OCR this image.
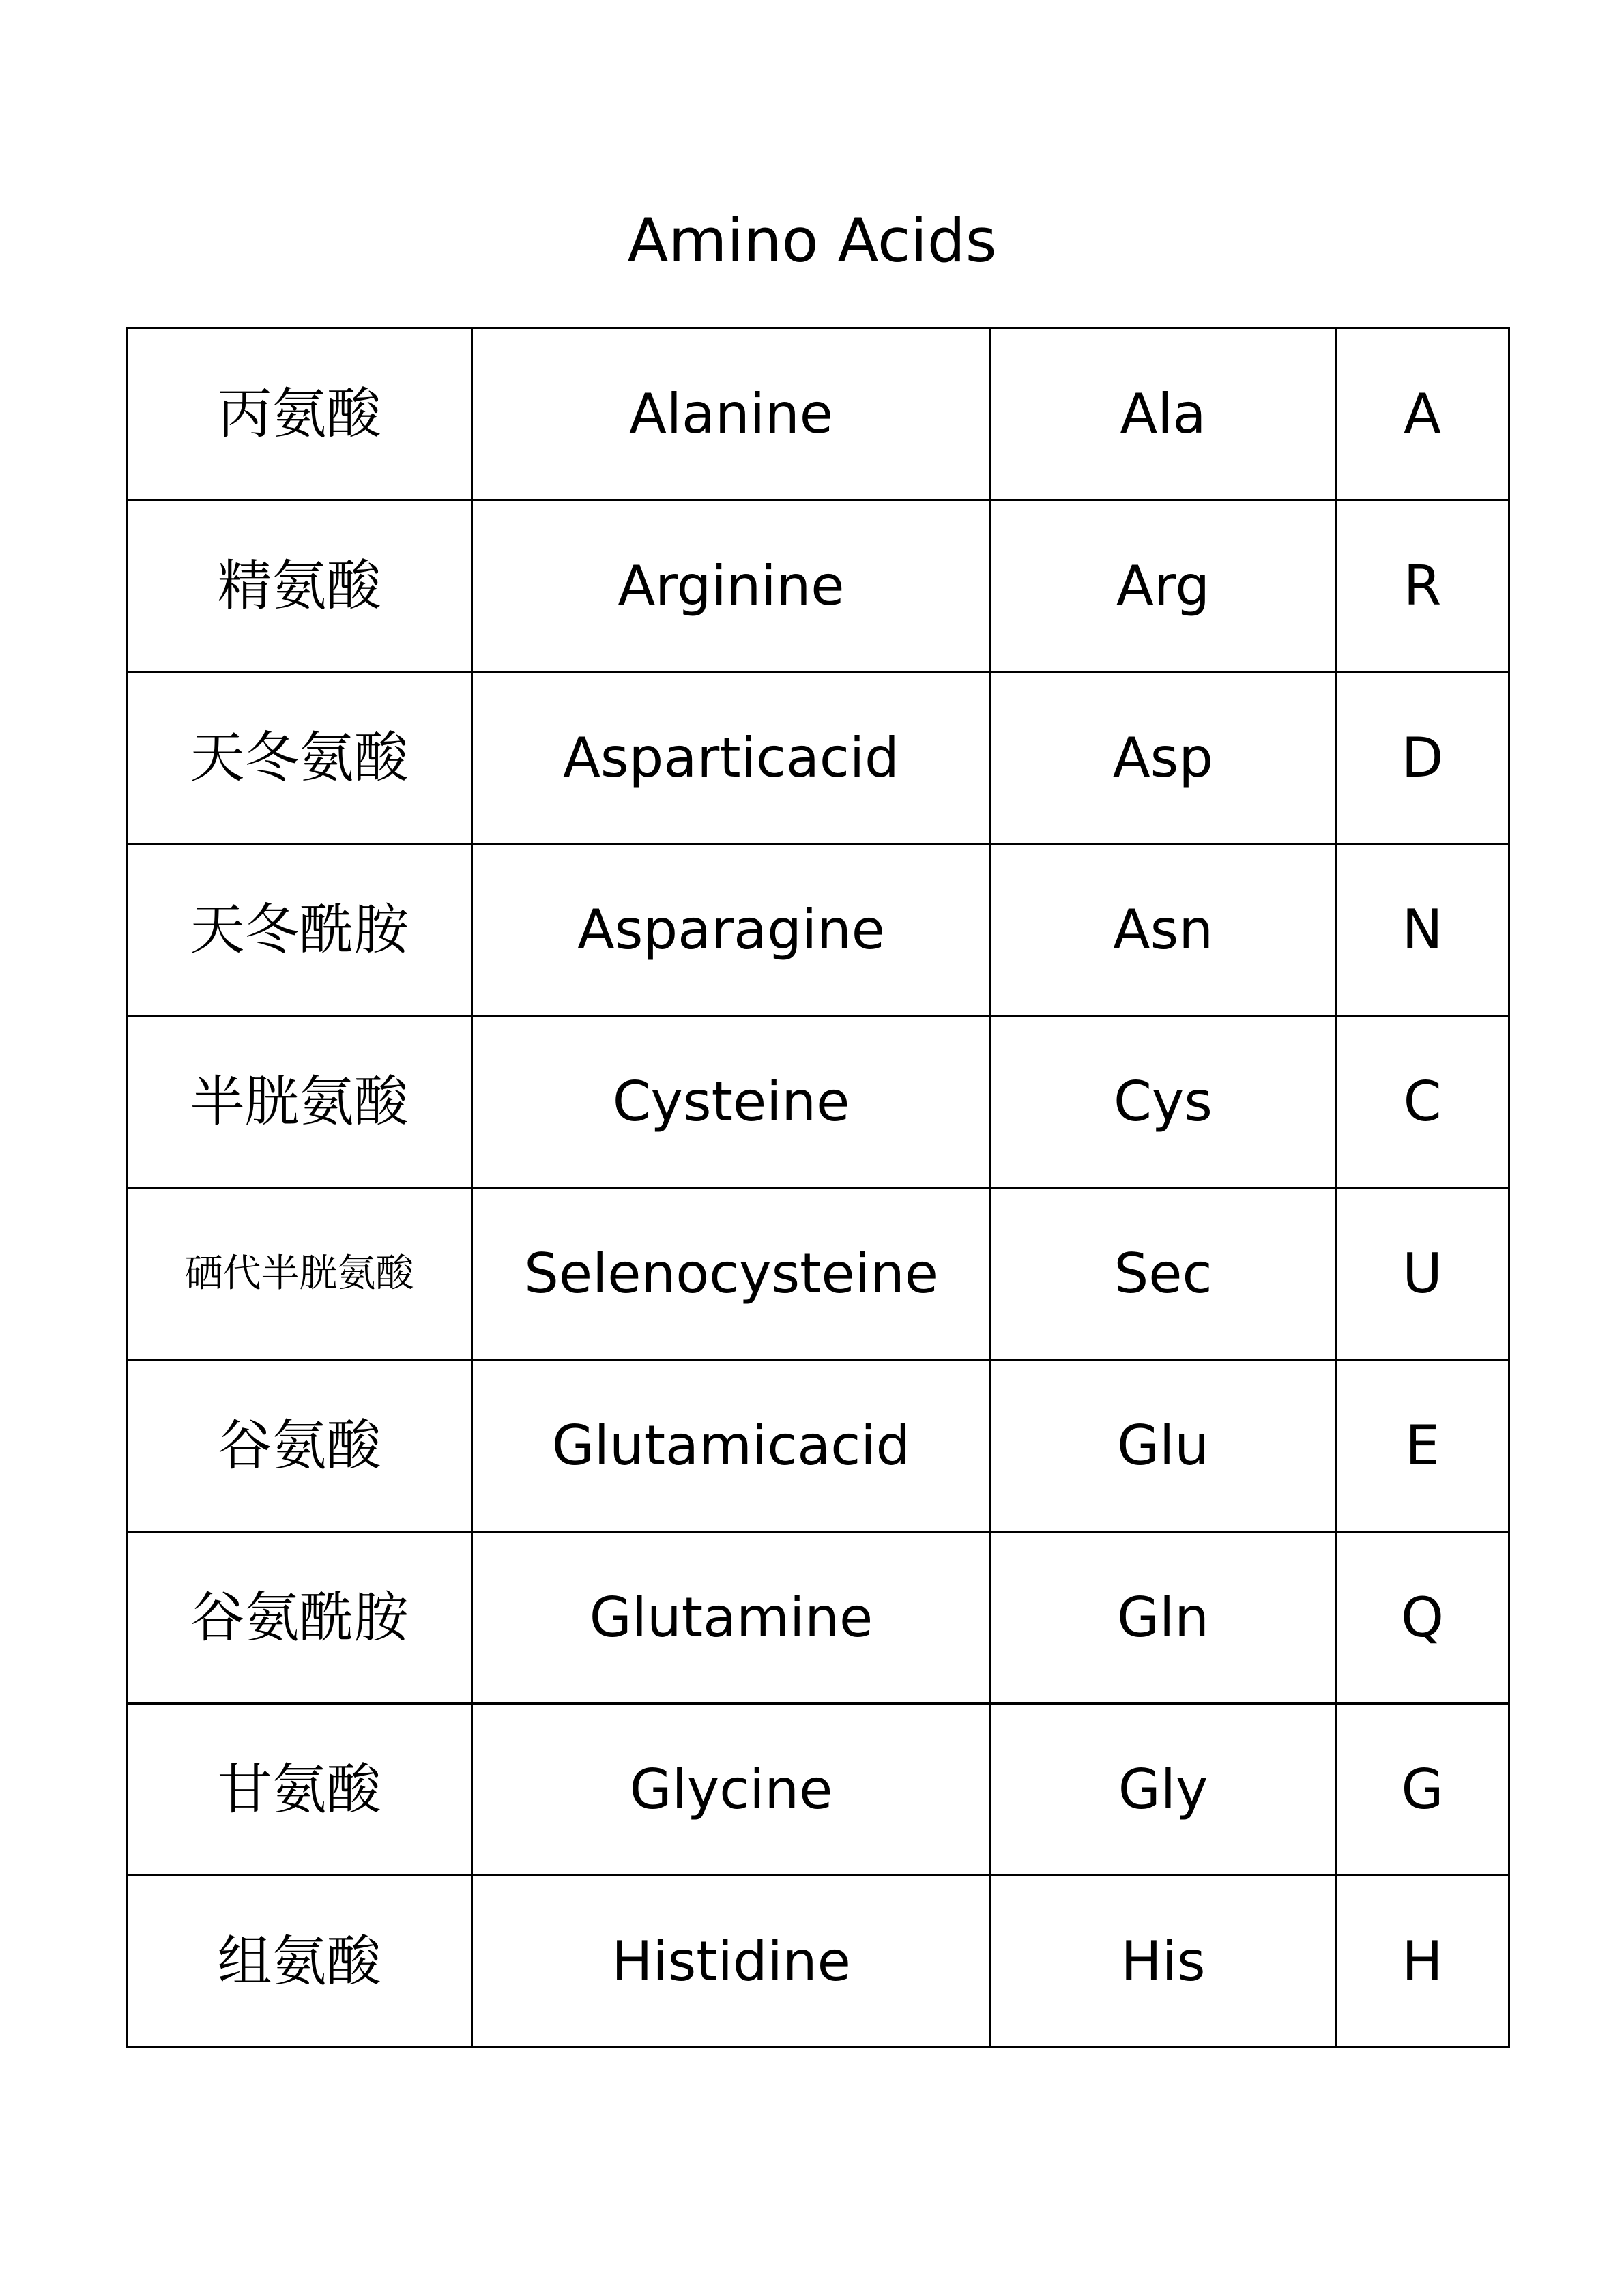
Amino Acids
丙氨酸	Alanine	Ala	A
精氨酸	Arginine	Arg	R
天冬氨酸	Asparticacid	Asp	D
天冬酰胺	Asparagine	Asn	N
半胱氨酸	Cysteine	Cys	C
硒代半胱氨酸	Selenocysteine	Sec	U
谷氨酸	Glutamicacid	Glu	E
谷氨酰胺	Glutamine	Gln	Q
甘氨酸	Glycine	Gly	G
组氨酸	Histidine	His	H
